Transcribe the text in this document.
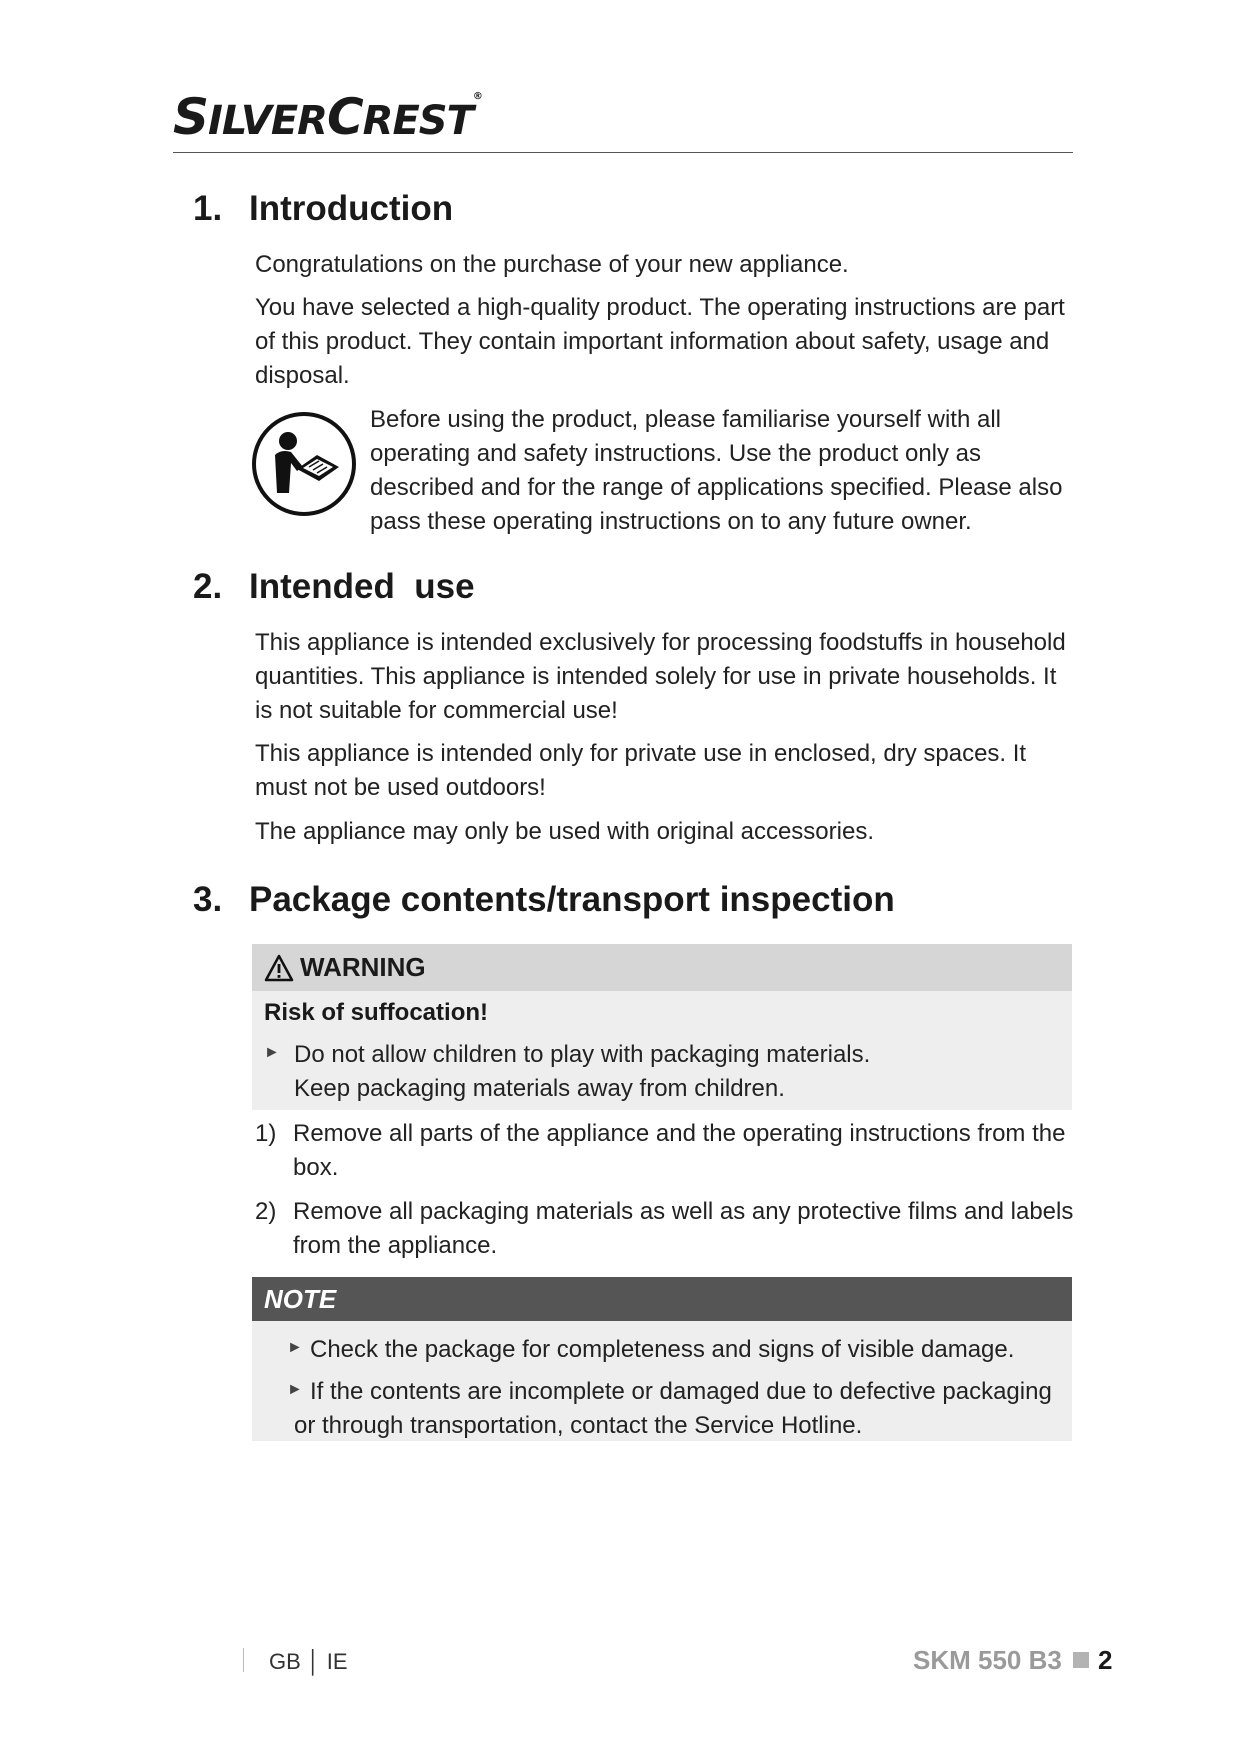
SILVERCREST®
1. Introduction

Congratulations on the purchase of your new appliance.

You have selected a high-quality product. The operating instructions are part of this product. They contain important information about safety, usage and disposal.

Before using the product, please familiarise yourself with all operating and safety instructions. Use the product only as described and for the range of applications specified. Please also pass these operating instructions on to any future owner.

2. Intended  use

This appliance is intended exclusively for processing foodstuffs in household quantities. This appliance is intended solely for use in private households. It is not suitable for commercial use!

This appliance is intended only for private use in enclosed, dry spaces. It must not be used outdoors!

The appliance may only be used with original accessories.

3. Package contents/transport inspection
WARNING
Risk of suffocation!
► Do not allow children to play with packaging materials.
Keep packaging materials away from children.
1) Remove all parts of the appliance and the operating instructions from the box.
2) Remove all packaging materials as well as any protective films and labels from the appliance.
NOTE
► Check the package for completeness and signs of visible damage.
► If the contents are incomplete or damaged due to defective packaging or through transportation, contact the Service Hotline.
GB │ IE	SKM 550 B3 2
